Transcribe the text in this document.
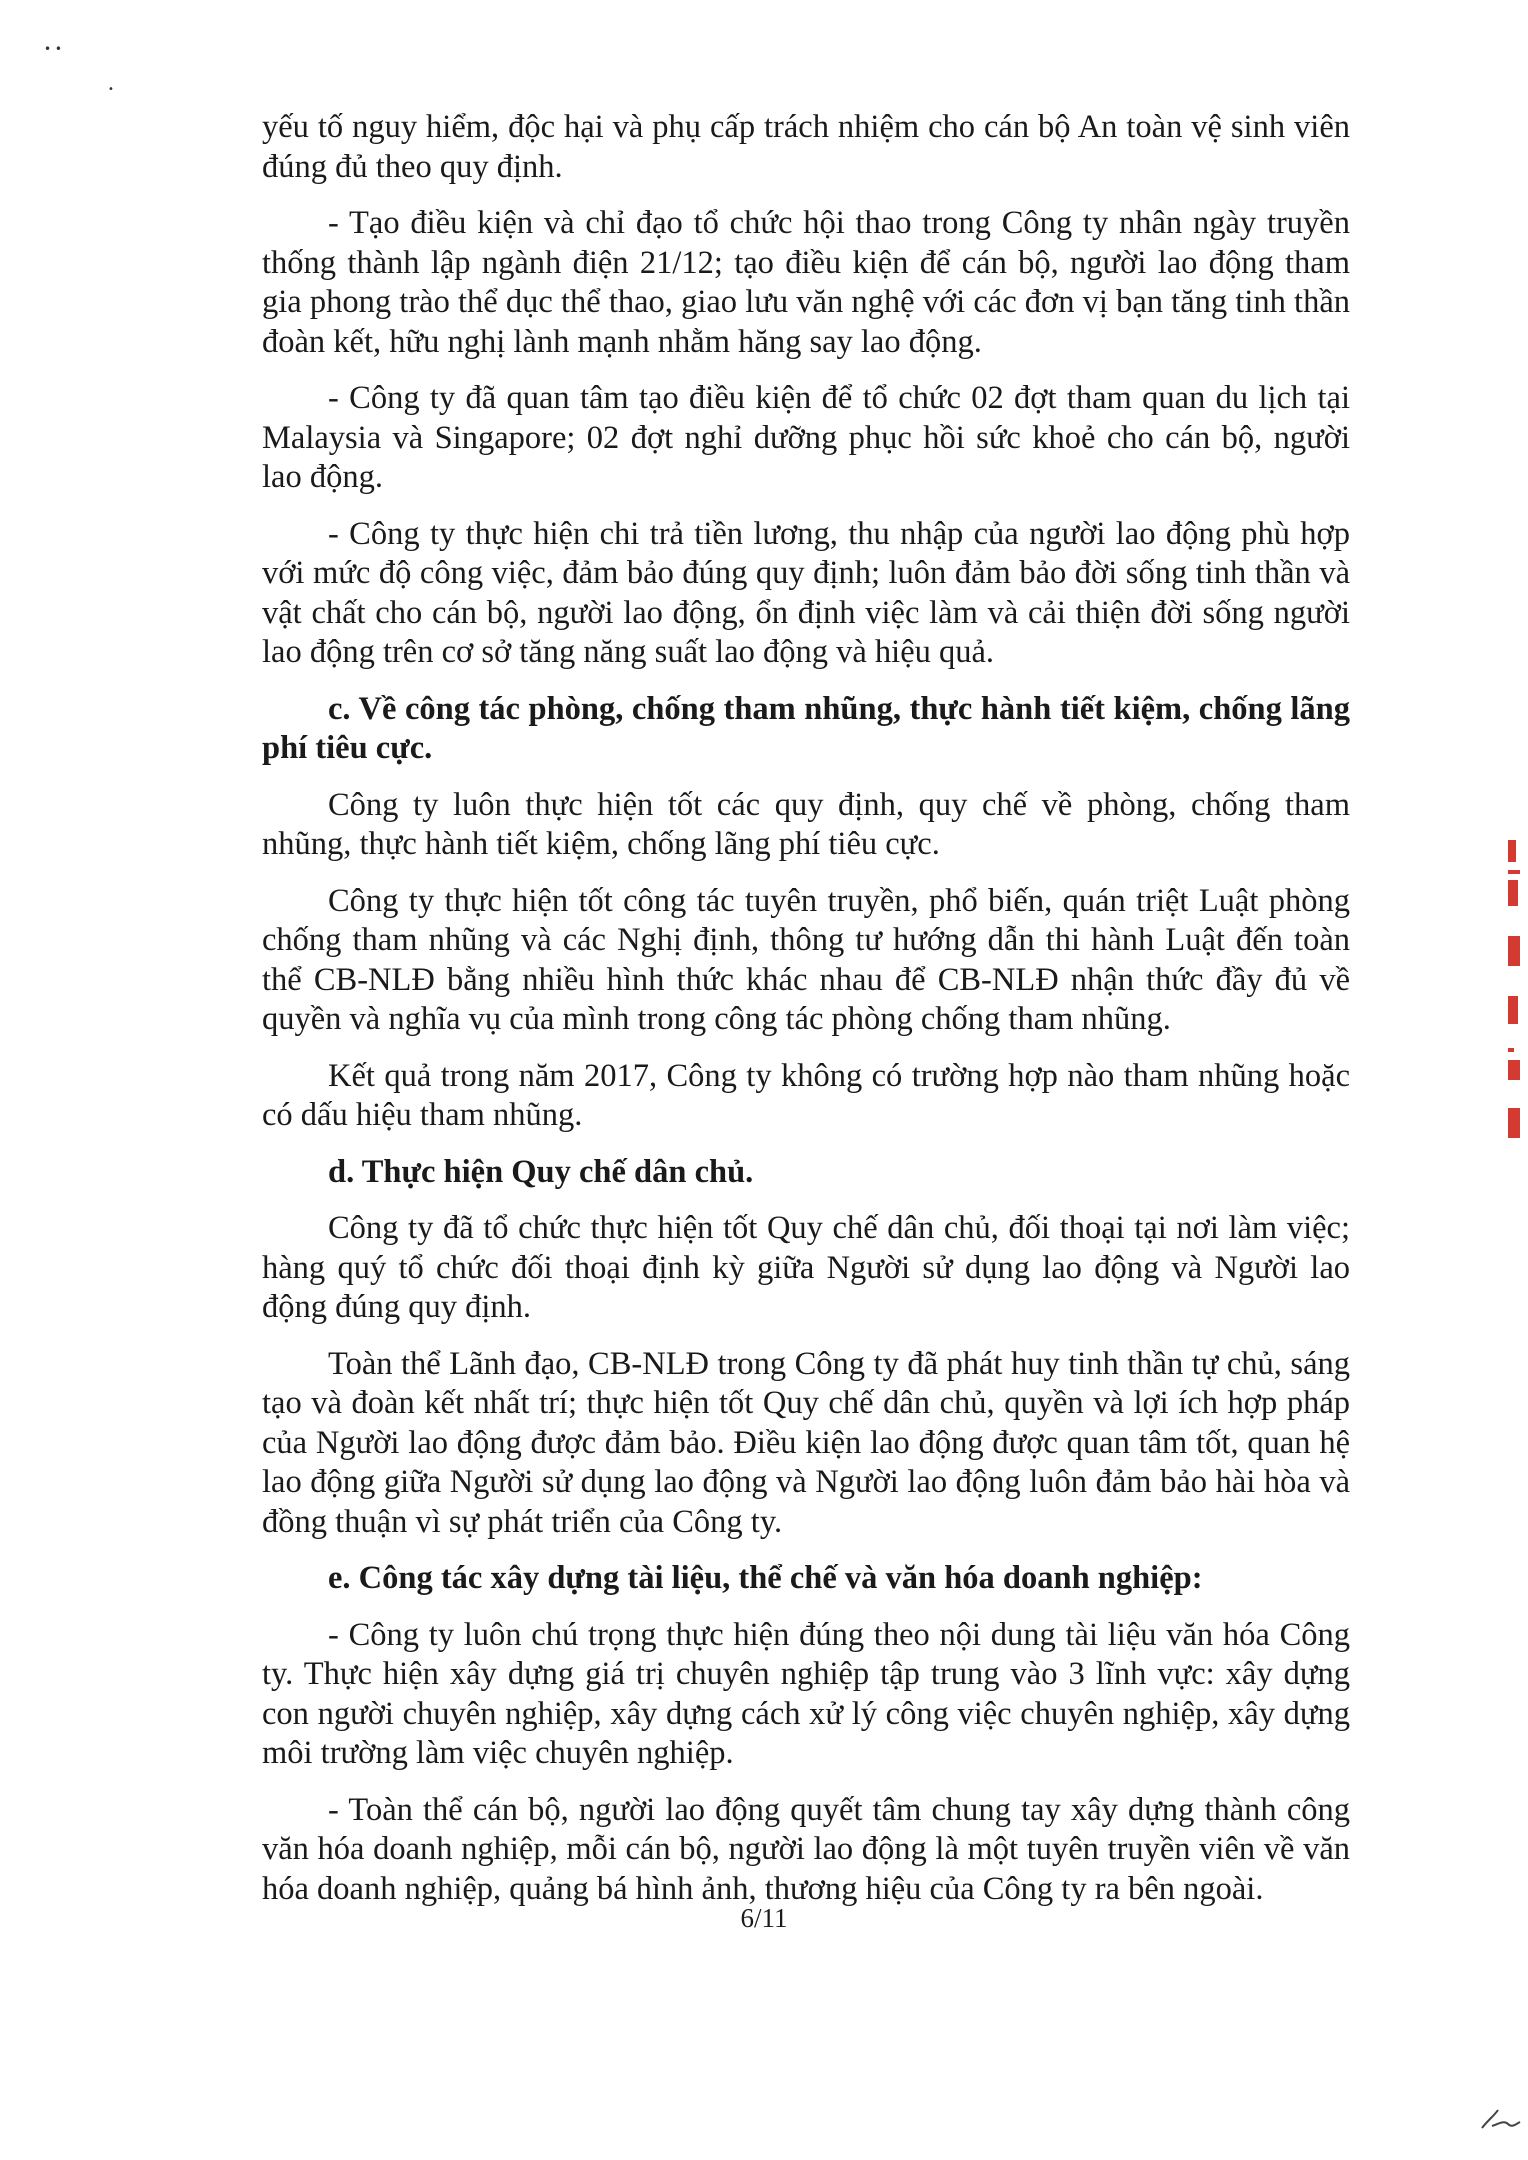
• •
•

yếu tố nguy hiểm, độc hại và phụ cấp trách nhiệm cho cán bộ An toàn vệ sinh viên đúng đủ theo quy định.

- Tạo điều kiện và chỉ đạo tổ chức hội thao trong Công ty nhân ngày truyền thống thành lập ngành điện 21/12; tạo điều kiện để cán bộ, người lao động tham gia phong trào thể dục thể thao, giao lưu văn nghệ với các đơn vị bạn tăng tinh thần đoàn kết, hữu nghị lành mạnh nhằm hăng say lao động.

- Công ty đã quan tâm tạo điều kiện để tổ chức 02 đợt tham quan du lịch tại Malaysia và Singapore; 02 đợt nghỉ dưỡng phục hồi sức khoẻ cho cán bộ, người lao động.

- Công ty thực hiện chi trả tiền lương, thu nhập của người lao động phù hợp với mức độ công việc, đảm bảo đúng quy định; luôn đảm bảo đời sống tinh thần và vật chất cho cán bộ, người lao động, ổn định việc làm và cải thiện đời sống người lao động trên cơ sở tăng năng suất lao động và hiệu quả.

c. Về công tác phòng, chống tham nhũng, thực hành tiết kiệm, chống lãng phí tiêu cực.

Công ty luôn thực hiện tốt các quy định, quy chế về phòng, chống tham nhũng, thực hành tiết kiệm, chống lãng phí tiêu cực.

Công ty thực hiện tốt công tác tuyên truyền, phổ biến, quán triệt Luật phòng chống tham nhũng và các Nghị định, thông tư hướng dẫn thi hành Luật đến toàn thể CB-NLĐ bằng nhiều hình thức khác nhau để CB-NLĐ nhận thức đầy đủ về quyền và nghĩa vụ của mình trong công tác phòng chống tham nhũng.

Kết quả trong năm 2017, Công ty không có trường hợp nào tham nhũng hoặc có dấu hiệu tham nhũng.

d. Thực hiện Quy chế dân chủ.

Công ty đã tổ chức thực hiện tốt Quy chế dân chủ, đối thoại tại nơi làm việc; hàng quý tổ chức đối thoại định kỳ giữa Người sử dụng lao động và Người lao động đúng quy định.

Toàn thể Lãnh đạo, CB-NLĐ trong Công ty đã phát huy tinh thần tự chủ, sáng tạo và đoàn kết nhất trí; thực hiện tốt Quy chế dân chủ, quyền và lợi ích hợp pháp của Người lao động được đảm bảo. Điều kiện lao động được quan tâm tốt, quan hệ lao động giữa Người sử dụng lao động và Người lao động luôn đảm bảo hài hòa và đồng thuận vì sự phát triển của Công ty.

e. Công tác xây dựng tài liệu, thể chế và văn hóa doanh nghiệp:

- Công ty luôn chú trọng thực hiện đúng theo nội dung tài liệu văn hóa Công ty. Thực hiện xây dựng giá trị chuyên nghiệp tập trung vào 3 lĩnh vực: xây dựng con người chuyên nghiệp, xây dựng cách xử lý công việc chuyên nghiệp, xây dựng môi trường làm việc chuyên nghiệp.

- Toàn thể cán bộ, người lao động quyết tâm chung tay xây dựng thành công văn hóa doanh nghiệp, mỗi cán bộ, người lao động là một tuyên truyền viên về văn hóa doanh nghiệp, quảng bá hình ảnh, thương hiệu của Công ty ra bên ngoài.

6/11
